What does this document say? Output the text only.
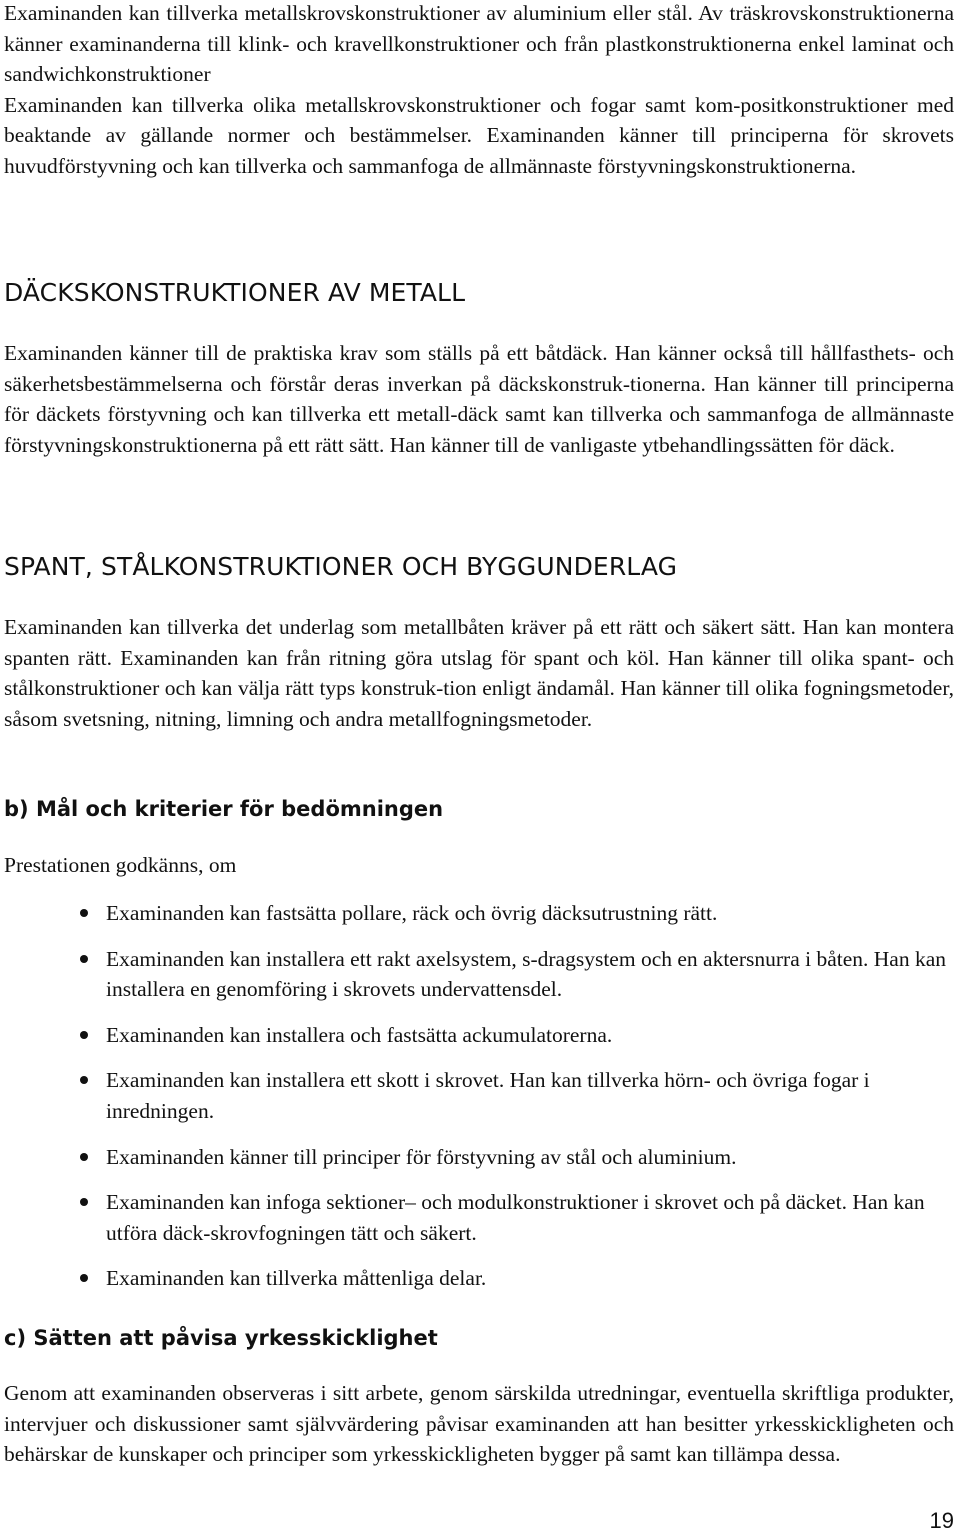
Examinanden kan tillverka metallskrovskonstruktioner av aluminium eller stål. Av träskrovskonstruktionerna känner examinanderna till klink- och kravellkonstruktioner och från plastkonstruktionerna enkel laminat och sandwichkonstruktioner

Examinanden kan tillverka olika metallskrovskonstruktioner och fogar samt kom-positkonstruktioner med beaktande av gällande normer och bestämmelser. Examinanden känner till principerna för skrovets huvudförstyvning och kan tillverka och sammanfoga de allmännaste förstyvningskonstruktionerna.

DÄCKSKONSTRUKTIONER AV METALL

Examinanden känner till de praktiska krav som ställs på ett båtdäck. Han känner också till hållfasthets- och säkerhetsbestämmelserna och förstår deras inverkan på däckskonstruk-tionerna. Han känner till principerna för däckets förstyvning och kan tillverka ett metall-däck samt kan tillverka och sammanfoga de allmännaste förstyvningskonstruktionerna på ett rätt sätt. Han känner till de vanligaste ytbehandlingssätten för däck.

SPANT, STÅLKONSTRUKTIONER OCH BYGGUNDERLAG

Examinanden kan tillverka det underlag som metallbåten kräver på ett rätt och säkert sätt. Han kan montera spanten rätt. Examinanden kan från ritning göra utslag för spant och köl. Han känner till olika spant- och stålkonstruktioner och kan välja rätt typs konstruk-tion enligt ändamål. Han känner till olika fogningsmetoder, såsom svetsning, nitning, limning och andra metallfogningsmetoder.

b) Mål och kriterier för bedömningen

Prestationen godkänns, om

Examinanden kan fastsätta pollare, räck och övrig däcksutrustning rätt.
Examinanden kan installera ett rakt axelsystem, s-dragsystem och en aktersnurra i båten. Han kan installera en genomföring i skrovets undervattensdel.
Examinanden kan installera och fastsätta ackumulatorerna.
Examinanden kan installera ett skott i skrovet. Han kan tillverka hörn- och övriga fogar i inredningen.
Examinanden känner till principer för förstyvning av stål och aluminium.
Examinanden kan infoga sektioner– och modulkonstruktioner i skrovet och på däcket. Han kan utföra däck-skrovfogningen tätt och säkert.
Examinanden kan tillverka måttenliga delar.
c) Sätten att påvisa yrkesskicklighet

Genom att examinanden observeras i sitt arbete, genom särskilda utredningar, eventuella skriftliga produkter, intervjuer och diskussioner samt självvärdering påvisar examinanden att han besitter yrkesskickligheten och behärskar de kunskaper och principer som yrkesskickligheten bygger på samt kan tillämpa dessa.

19
